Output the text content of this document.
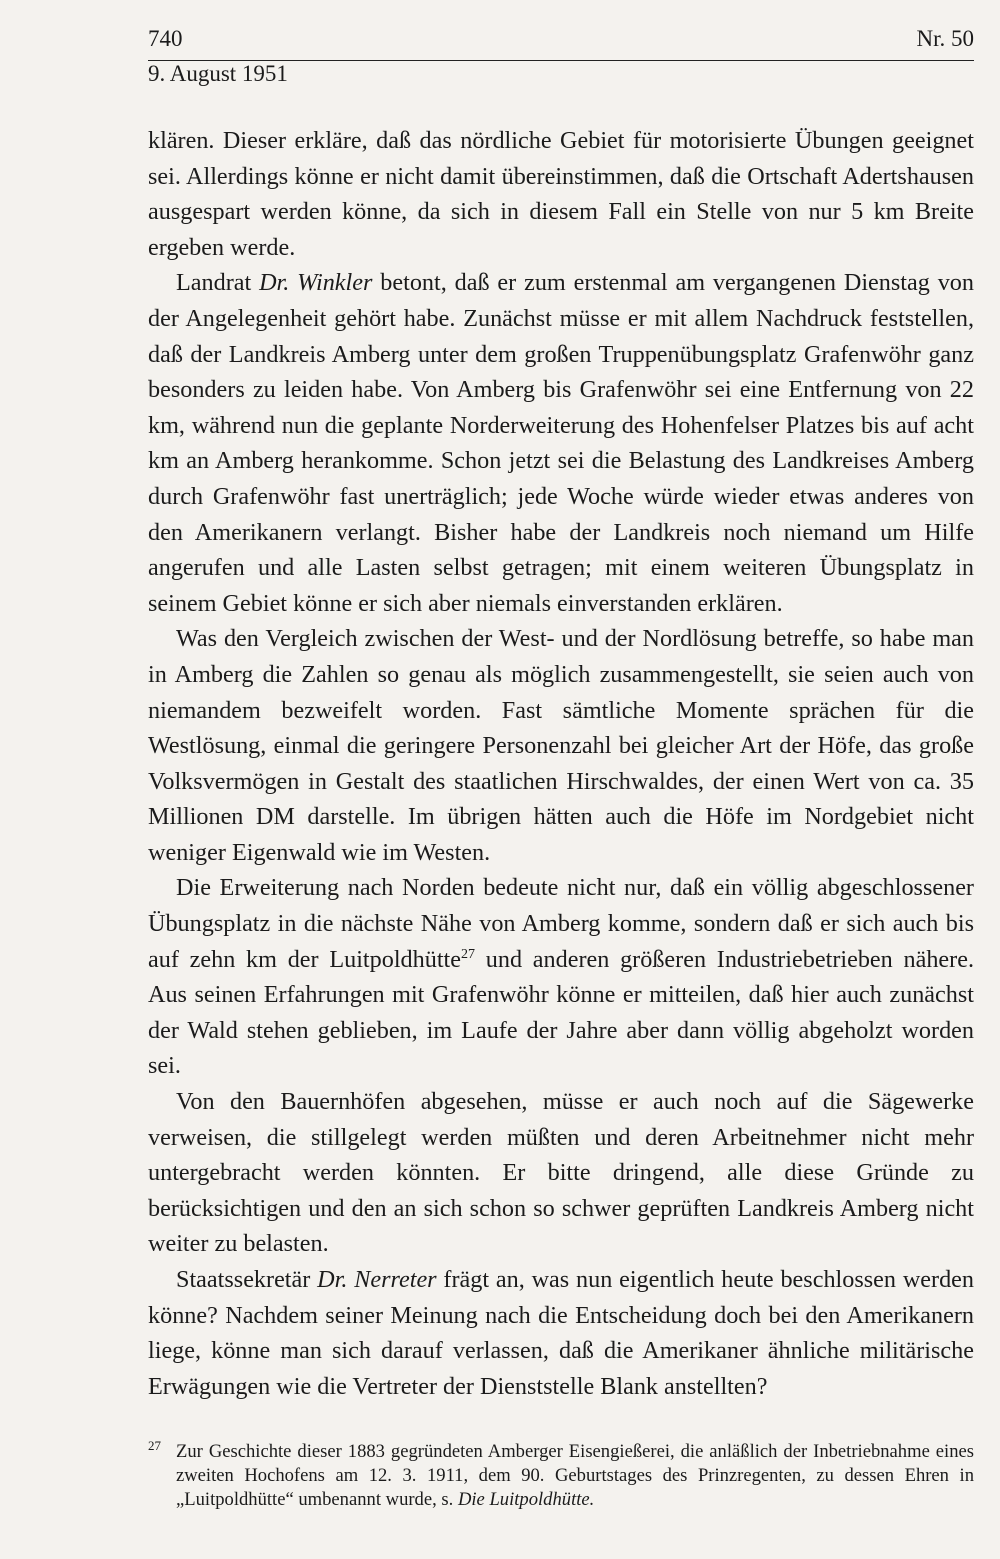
740	Nr. 50
9. August 1951

klären. Dieser erkläre, daß das nördliche Gebiet für motorisierte Übungen geeignet sei. Allerdings könne er nicht damit übereinstimmen, daß die Ortschaft Adertshausen ausgespart werden könne, da sich in diesem Fall ein Stelle von nur 5 km Breite ergeben werde.

Landrat Dr. Winkler betont, daß er zum erstenmal am vergangenen Dienstag von der Angelegenheit gehört habe. Zunächst müsse er mit allem Nachdruck feststellen, daß der Landkreis Amberg unter dem großen Truppenübungsplatz Grafenwöhr ganz besonders zu leiden habe. Von Amberg bis Grafenwöhr sei eine Entfernung von 22 km, während nun die geplante Norderweiterung des Hohenfelser Platzes bis auf acht km an Amberg herankomme. Schon jetzt sei die Belastung des Landkreises Amberg durch Grafenwöhr fast unerträglich; jede Woche würde wieder etwas anderes von den Amerikanern verlangt. Bisher habe der Landkreis noch niemand um Hilfe angerufen und alle Lasten selbst getragen; mit einem weiteren Übungsplatz in seinem Gebiet könne er sich aber niemals einverstanden erklären.

Was den Vergleich zwischen der West- und der Nordlösung betreffe, so habe man in Amberg die Zahlen so genau als möglich zusammengestellt, sie seien auch von niemandem bezweifelt worden. Fast sämtliche Momente sprächen für die Westlösung, einmal die geringere Personenzahl bei gleicher Art der Höfe, das große Volksvermögen in Gestalt des staatlichen Hirschwaldes, der einen Wert von ca. 35 Millionen DM darstelle. Im übrigen hätten auch die Höfe im Nordgebiet nicht weniger Eigenwald wie im Westen.

Die Erweiterung nach Norden bedeute nicht nur, daß ein völlig abgeschlossener Übungsplatz in die nächste Nähe von Amberg komme, sondern daß er sich auch bis auf zehn km der Luitpoldhütte$^{27}$ und anderen größeren Industriebetrieben nähere. Aus seinen Erfahrungen mit Grafenwöhr könne er mitteilen, daß hier auch zunächst der Wald stehen geblieben, im Laufe der Jahre aber dann völlig abgeholzt worden sei.

Von den Bauernhöfen abgesehen, müsse er auch noch auf die Sägewerke verweisen, die stillgelegt werden müßten und deren Arbeitnehmer nicht mehr untergebracht werden könnten. Er bitte dringend, alle diese Gründe zu berücksichtigen und den an sich schon so schwer geprüften Landkreis Amberg nicht weiter zu belasten.

Staatssekretär Dr. Nerreter frägt an, was nun eigentlich heute beschlossen werden könne? Nachdem seiner Meinung nach die Entscheidung doch bei den Amerikanern liege, könne man sich darauf verlassen, daß die Amerikaner ähnliche militärische Erwägungen wie die Vertreter der Dienststelle Blank anstellten?

27 Zur Geschichte dieser 1883 gegründeten Amberger Eisengießerei, die anläßlich der Inbetriebnahme eines zweiten Hochofens am 12. 3. 1911, dem 90. Geburtstages des Prinzregenten, zu dessen Ehren in „Luitpoldhütte“ umbenannt wurde, s. Die Luitpoldhütte.
